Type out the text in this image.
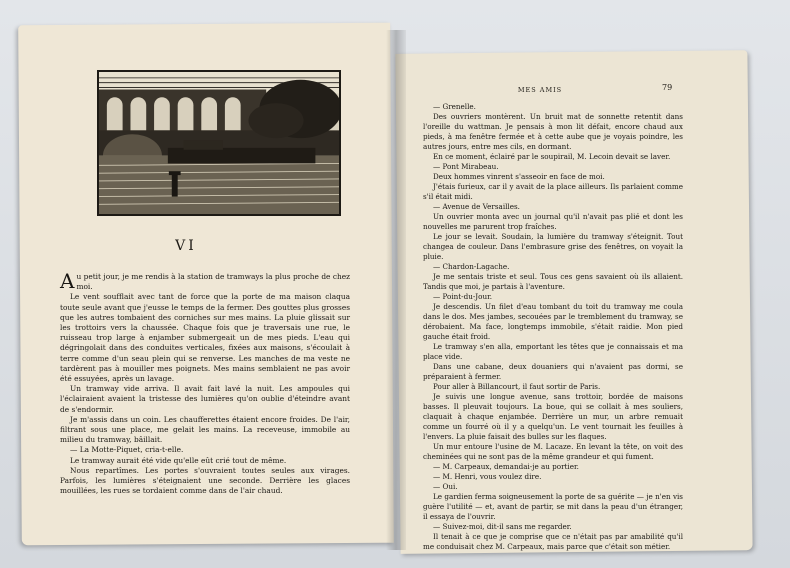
VI

Au petit jour, je me rendis à la station de tramways la plus proche de chez moi.

Le vent soufflait avec tant de force que la porte de ma maison claqua toute seule avant que j'eusse le temps de la fermer. Des gouttes plus grosses que les autres tombaient des corniches sur mes mains. La pluie glissait sur les trottoirs vers la chaussée. Chaque fois que je traversais une rue, le ruisseau trop large à enjamber submergeait un de mes pieds. L'eau qui dégringolait dans des conduites verticales, fixées aux maisons, s'écoulait à terre comme d'un seau plein qui se renverse. Les manches de ma veste ne tardèrent pas à mouiller mes poignets. Mes mains semblaient ne pas avoir été essuyées, après un lavage.

Un tramway vide arriva. Il avait fait lavé la nuit. Les ampoules qui l'éclairaient avaient la tristesse des lumières qu'on oublie d'éteindre avant de s'endormir.

Je m'assis dans un coin. Les chaufferettes étaient encore froides. De l'air, filtrant sous une place, me gelait les mains. La receveuse, immobile au milieu du tramway, bâillait.

— La Motte-Piquet, cria-t-elle.

Le tramway aurait été vide qu'elle eût crié tout de même.

Nous repartîmes. Les portes s'ouvraient toutes seules aux virages. Parfois, les lumières s'éteignaient une seconde. Derrière les glaces mouillées, les rues se tordaient comme dans de l'air chaud.

MES AMIS	79

— Grenelle.

Des ouvriers montèrent. Un bruit mat de sonnette retentit dans l'oreille du wattman. Je pensais à mon lit défait, encore chaud aux pieds, à ma fenêtre fermée et à cette aube que je voyais poindre, les autres jours, entre mes cils, en dormant.

En ce moment, éclairé par le soupirail, M. Lecoin devait se laver.

— Pont Mirabeau.

Deux hommes vinrent s'asseoir en face de moi.

J'étais furieux, car il y avait de la place ailleurs. Ils parlaient comme s'il était midi.

— Avenue de Versailles.

Un ouvrier monta avec un journal qu'il n'avait pas plié et dont les nouvelles me parurent trop fraîches.

Le jour se levait. Soudain, la lumière du tramway s'éteignit. Tout changea de couleur. Dans l'embrasure grise des fenêtres, on voyait la pluie.

— Chardon-Lagache.

Je me sentais triste et seul. Tous ces gens savaient où ils allaient. Tandis que moi, je partais à l'aventure.

— Point-du-Jour.

Je descendis. Un filet d'eau tombant du toit du tramway me coula dans le dos. Mes jambes, secouées par le tremblement du tramway, se dérobaient. Ma face, longtemps immobile, s'était raidie. Mon pied gauche était froid.

Le tramway s'en alla, emportant les têtes que je connaissais et ma place vide.

Dans une cabane, deux douaniers qui n'avaient pas dormi, se préparaient à fermer.

Pour aller à Billancourt, il faut sortir de Paris.

Je suivis une longue avenue, sans trottoir, bordée de maisons basses. Il pleuvait toujours. La boue, qui se collait à mes souliers, claquait à chaque enjambée. Derrière un mur, un arbre remuait comme un fourré où il y a quelqu'un. Le vent tournait les feuilles à l'envers. La pluie faisait des bulles sur les flaques.

Un mur entoure l'usine de M. Lacaze. En levant la tête, on voit des cheminées qui ne sont pas de la même grandeur et qui fument.

— M. Carpeaux, demandai-je au portier.

— M. Henri, vous voulez dire.

— Oui.

Le gardien ferma soigneusement la porte de sa guérite — je n'en vis guère l'utilité — et, avant de partir, se mit dans la peau d'un étranger, il essaya de l'ouvrir.

— Suivez-moi, dit-il sans me regarder.

Il tenait à ce que je comprise que ce n'était pas par amabilité qu'il me conduisait chez M. Carpeaux, mais parce que c'était son métier.
